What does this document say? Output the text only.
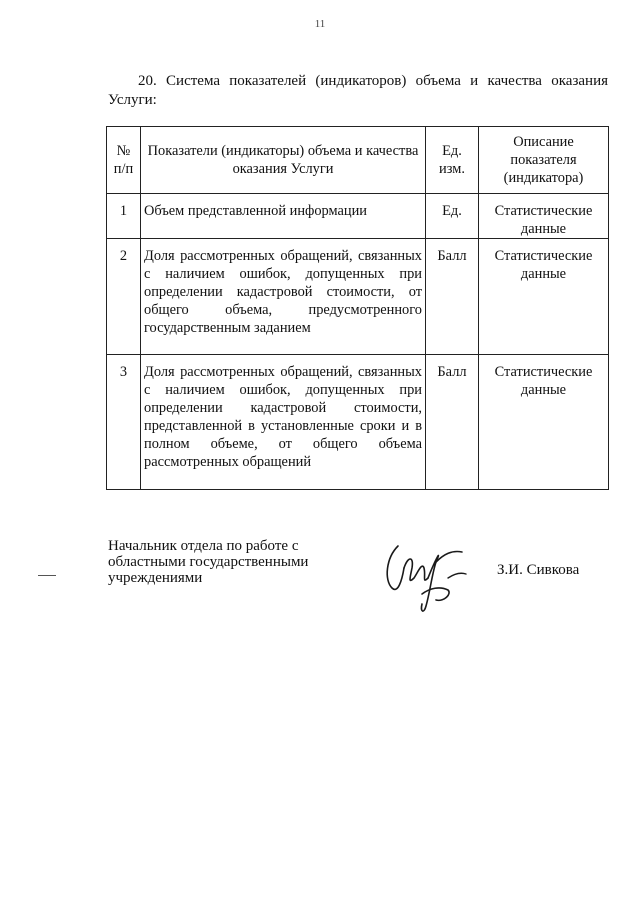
11
20. Система показателей (индикаторов) объема и качества оказания Услуги:
№ п/п	Показатели (индикаторы) объема и качества оказания Услуги	Ед. изм.	Описание показателя (индикатора)
1	Объем представленной информации	Ед.	Статистические данные
2	Доля рассмотренных обращений, связанных с наличием ошибок, допущенных при определении кадастровой стоимости, от общего объема, предусмотренного государственным заданием	Балл	Статистические данные
3	Доля рассмотренных обращений, связанных с наличием ошибок, допущенных при определении кадастровой стоимости, представленной в установленные сроки и в полном объеме, от общего объема рассмотренных обращений	Балл	Статистические данные
Начальник отдела по работе с областными государственными учреждениями	З.И. Сивкова
